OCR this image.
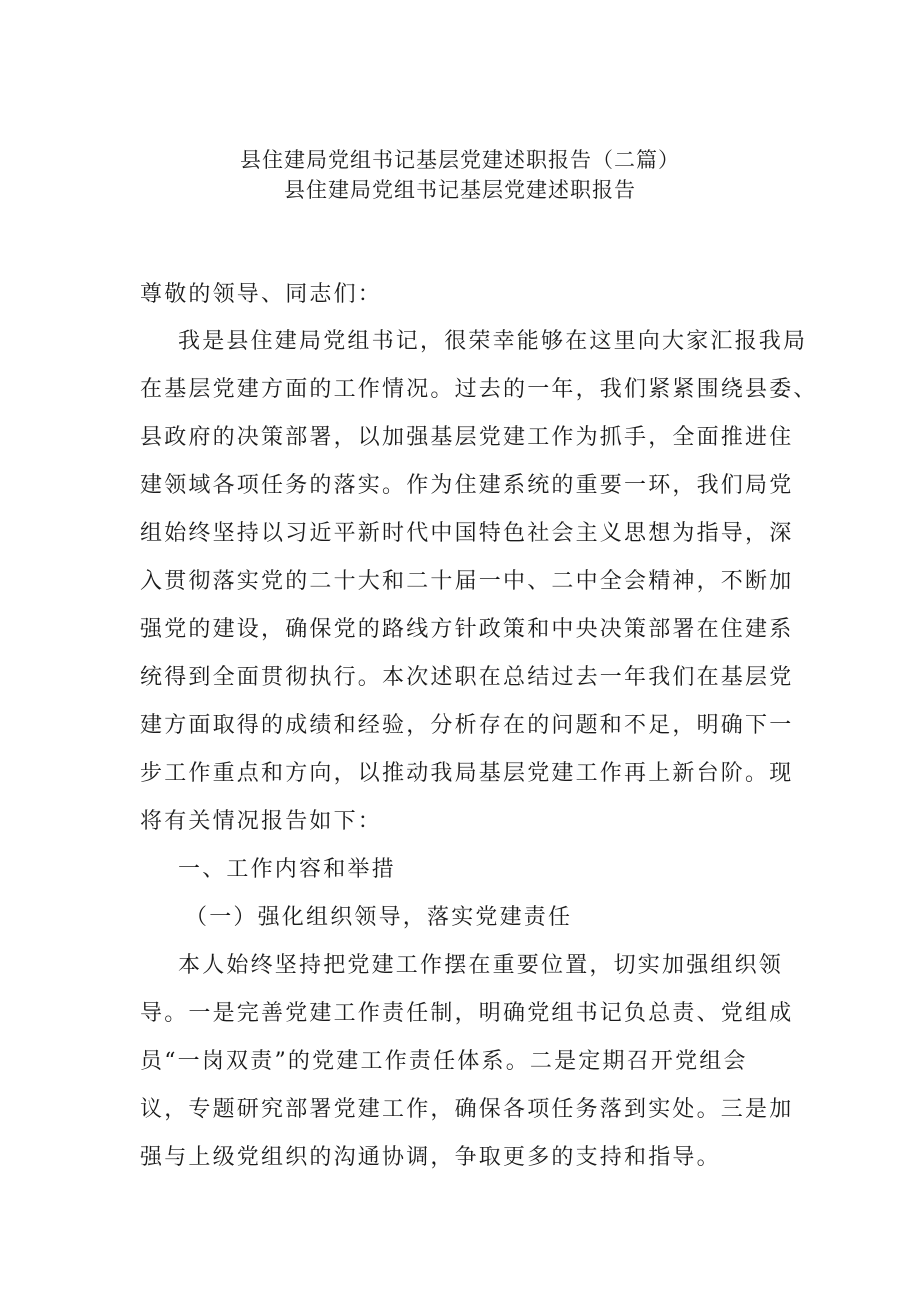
县住建局党组书记基层党建述职报告（二篇）
县住建局党组书记基层党建述职报告
尊敬的领导、同志们：
我是县住建局党组书记，很荣幸能够在这里向大家汇报我局
在基层党建方面的工作情况。过去的一年，我们紧紧围绕县委、
县政府的决策部署，以加强基层党建工作为抓手，全面推进住
建领域各项任务的落实。作为住建系统的重要一环，我们局党
组始终坚持以习近平新时代中国特色社会主义思想为指导，深
入贯彻落实党的二十大和二十届一中、二中全会精神，不断加
强党的建设，确保党的路线方针政策和中央决策部署在住建系
统得到全面贯彻执行。本次述职在总结过去一年我们在基层党
建方面取得的成绩和经验，分析存在的问题和不足，明确下一
步工作重点和方向，以推动我局基层党建工作再上新台阶。现
将有关情况报告如下：
一、工作内容和举措
（一）强化组织领导，落实党建责任
本人始终坚持把党建工作摆在重要位置，切实加强组织领
导。一是完善党建工作责任制，明确党组书记负总责、党组成
员“一岗双责”的党建工作责任体系。二是定期召开党组会
议，专题研究部署党建工作，确保各项任务落到实处。三是加
强与上级党组织的沟通协调，争取更多的支持和指导。
